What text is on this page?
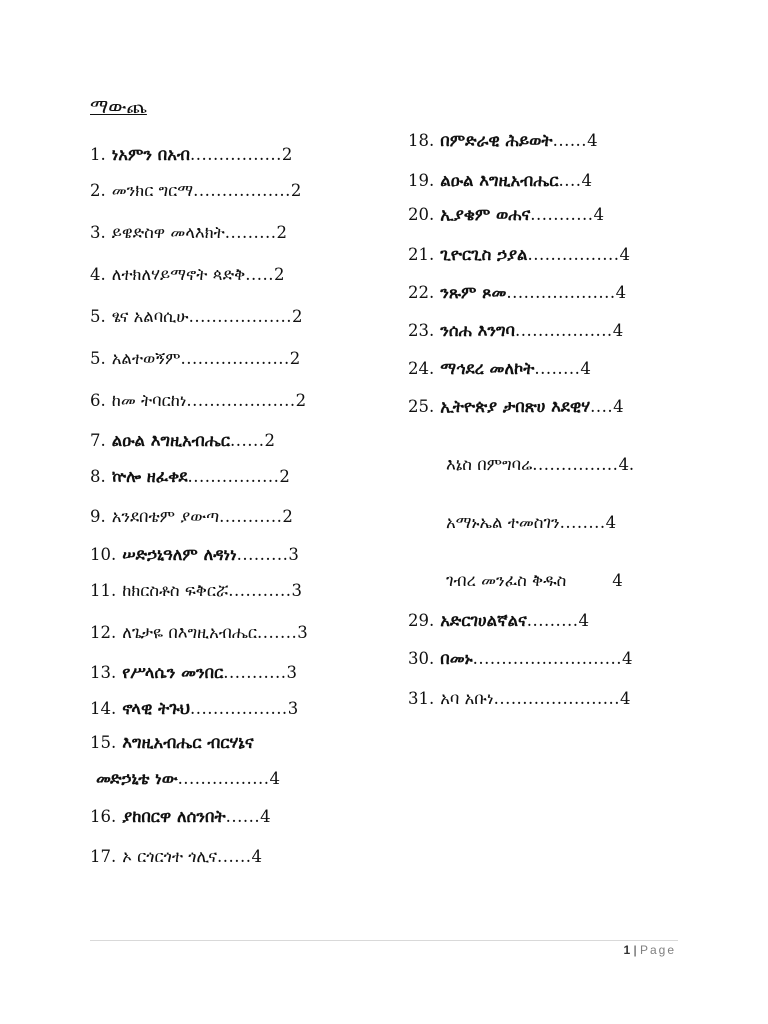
ማውጨ
1. ነአምን በአብ................2
2. መንክር ግርማ.................2
3. ይዌድስዋ መላእክት.........2
4. ለተክለሃይማኖት ጳድቅ.....2
5. ፄና አልባሲሁ..................2
5. አልተወኝም...................2
6. ከመ ትባርከነ...................2
7. ልዑል እግዚአብሔር......2
8. ኵሎ ዘፈቀደ................2
9. አንደበቴም ያውጣ...........2
10. ሠድኃኒዓለም ለዳነነ.........3
11. ከክርስቶስ ፍቅርሯ...........3
12. ለጌታዬ በእግዚአብሔር.......3
13. የሥላሴን መንበር...........3
14. ኖላዊ ትጉህ.................3
15. እግዚአብሔር ብርሃኔና
መድኃኒቴ ነው................4
16. ያከበርዋ ለሰንበት......4
17. ኦ ርጎርጎተ ጎሊና......4
18. በምድራዊ ሕይወት......4
19. ልዑል እግዚአብሔር....4
20. ኢያቄም ወሐና...........4
21. ጊዮርጊስ ኃያል................4
22. ንጹም ጾመ...................4
23. ንሰሐ እንግባ.................4
24. ማኅደረ መለኮት........4
25. ኢትዮጵያ ታበጽሀ እደዊሃ....4
እኔስ በምግባሬ...............4.
አማኑኤል ተመስገን........4
ገብረ መንፈስ ቅዱስ	4
29. አድርገሀልኛልና.........4
30. በመኑ..........................4
31. አባ አቡነ......................4
1 | Page
